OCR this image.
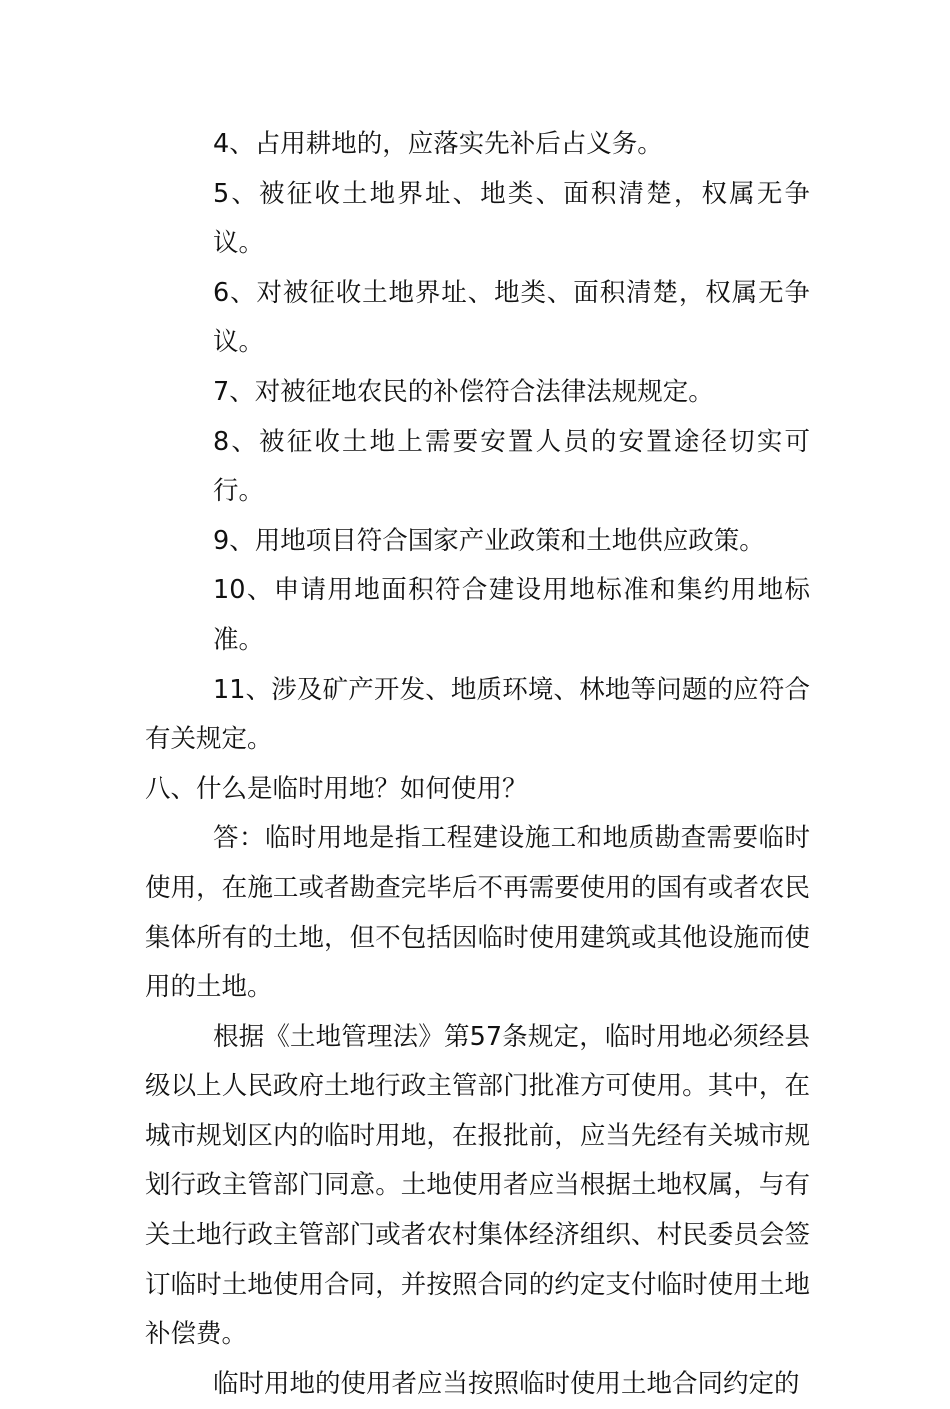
4、占用耕地的，应落实先补后占义务。

5、被征收土地界址、地类、面积清楚，权属无争议。

6、对被征收土地界址、地类、面积清楚，权属无争议。

7、对被征地农民的补偿符合法律法规规定。

8、被征收土地上需要安置人员的安置途径切实可行。

9、用地项目符合国家产业政策和土地供应政策。

10、申请用地面积符合建设用地标准和集约用地标准。

11、涉及矿产开发、地质环境、林地等问题的应符合有关规定。

八、什么是临时用地？如何使用？

答：临时用地是指工程建设施工和地质勘查需要临时使用，在施工或者勘查完毕后不再需要使用的国有或者农民集体所有的土地，但不包括因临时使用建筑或其他设施而使用的土地。

根据《土地管理法》第57条规定，临时用地必须经县级以上人民政府土地行政主管部门批准方可使用。其中，在城市规划区内的临时用地，在报批前，应当先经有关城市规划行政主管部门同意。土地使用者应当根据土地权属，与有关土地行政主管部门或者农村集体经济组织、村民委员会签订临时土地使用合同，并按照合同的约定支付临时使用土地补偿费。

临时用地的使用者应当按照临时使用土地合同约定的
